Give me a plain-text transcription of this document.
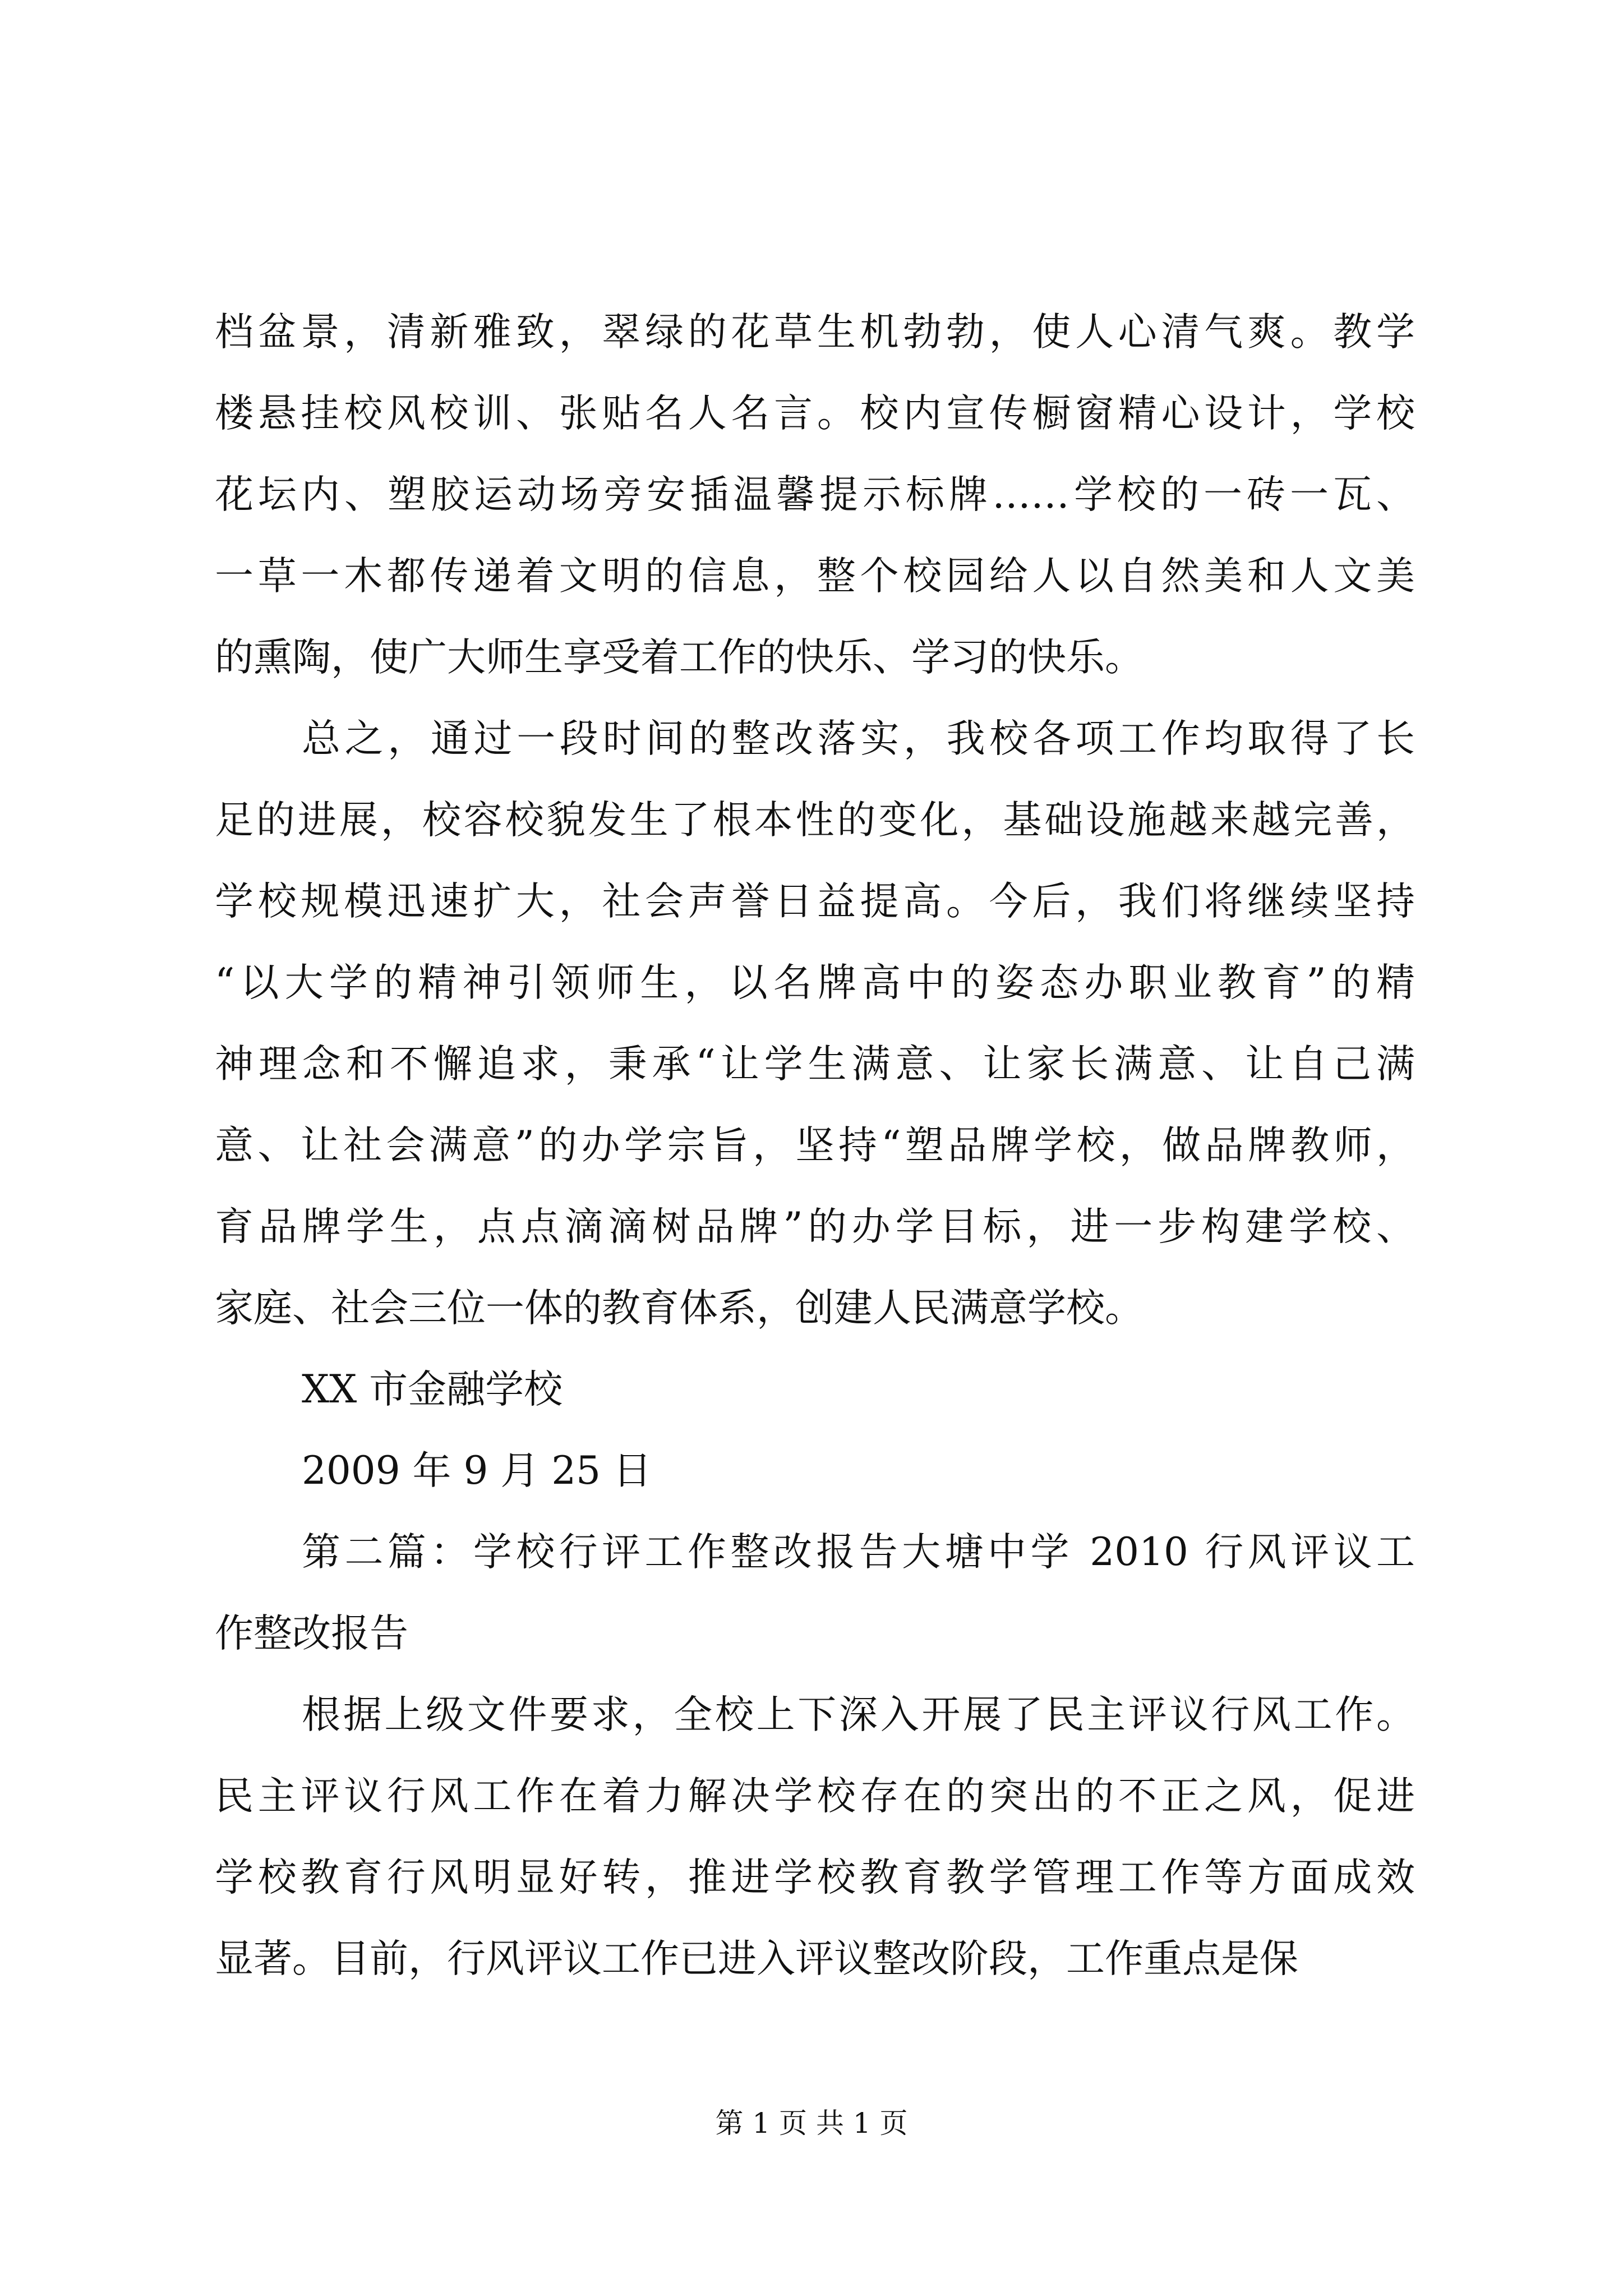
档盆景，清新雅致，翠绿的花草生机勃勃，使人心清气爽。教学
楼悬挂校风校训、张贴名人名言。校内宣传橱窗精心设计，学校
花坛内、塑胶运动场旁安插温馨提示标牌……学校的一砖一瓦、
一草一木都传递着文明的信息，整个校园给人以自然美和人文美
的熏陶，使广大师生享受着工作的快乐、学习的快乐。
总之，通过一段时间的整改落实，我校各项工作均取得了长
足的进展，校容校貌发生了根本性的变化，基础设施越来越完善，
学校规模迅速扩大，社会声誉日益提高。今后，我们将继续坚持
“以大学的精神引领师生，以名牌高中的姿态办职业教育”的精
神理念和不懈追求，秉承“让学生满意、让家长满意、让自己满
意、让社会满意”的办学宗旨，坚持“塑品牌学校，做品牌教师，
育品牌学生，点点滴滴树品牌”的办学目标，进一步构建学校、
家庭、社会三位一体的教育体系，创建人民满意学校。
XX 市金融学校
2009 年 9 月 25 日
第二篇：学校行评工作整改报告大塘中学 2010 行风评议工
作整改报告
根据上级文件要求，全校上下深入开展了民主评议行风工作。
民主评议行风工作在着力解决学校存在的突出的不正之风，促进
学校教育行风明显好转，推进学校教育教学管理工作等方面成效
显著。目前，行风评议工作已进入评议整改阶段，工作重点是保
第 1 页 共 1 页
